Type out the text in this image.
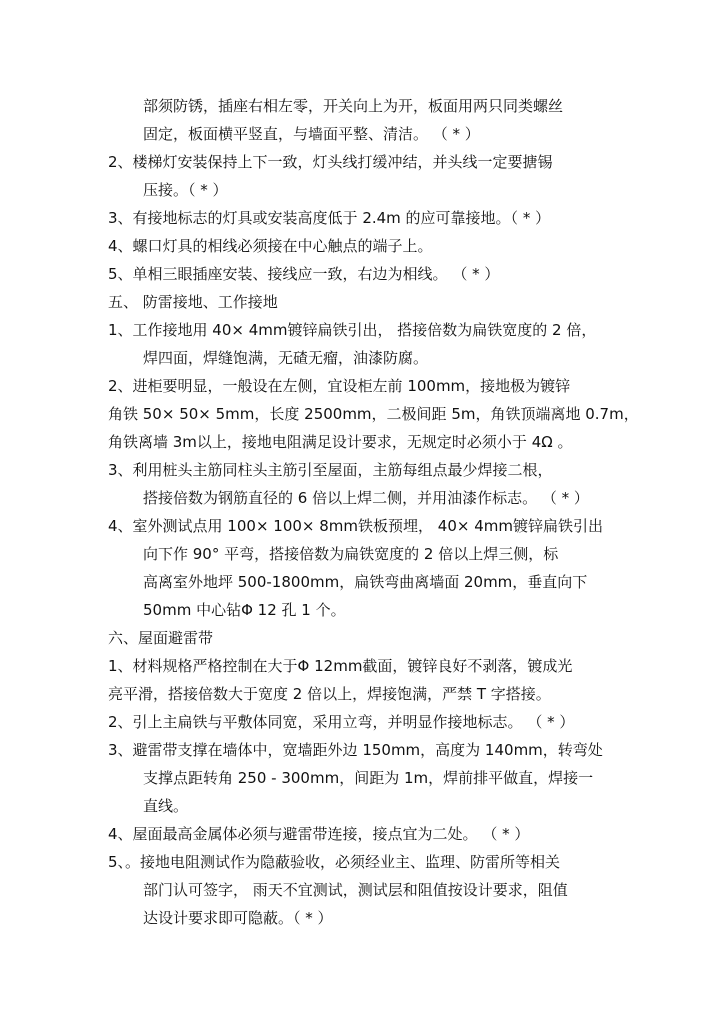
部须防锈，插座右相左零，开关向上为开，板面用两只同类螺丝
固定，板面横平竖直，与墙面平整、清洁。 （ * ）
2、楼梯灯安装保持上下一致，灯头线打缓冲结，并头线一定要搪锡
压接。（ * ）
3、有接地标志的灯具或安装高度低于 2.4m 的应可靠接地。（ * ）
4、螺口灯具的相线必须接在中心触点的端子上。
5、单相三眼插座安装、接线应一致，右边为相线。 （ * ）
五、 防雷接地、工作接地
1、工作接地用 40× 4mm镀锌扁铁引出， 搭接倍数为扁铁宽度的 2 倍，
焊四面，焊缝饱满，无碴无瘤，油漆防腐。
2、进柜要明显，一般设在左侧，宜设柜左前 100mm，接地极为镀锌
角铁 50× 50× 5mm，长度 2500mm，二极间距 5m，角铁顶端离地 0.7m，
角铁离墙 3m以上，接地电阻满足设计要求，无规定时必须小于 4Ω 。
3、利用桩头主筋同柱头主筋引至屋面，主筋每组点最少焊接二根，
搭接倍数为钢筋直径的 6 倍以上焊二侧，并用油漆作标志。 （ * ）
4、室外测试点用 100× 100× 8mm铁板预埋， 40× 4mm镀锌扁铁引出
向下作 90° 平弯，搭接倍数为扁铁宽度的 2 倍以上焊三侧，标
高离室外地坪 500-1800mm，扁铁弯曲离墙面 20mm，垂直向下
50mm 中心钻Φ 12 孔 1 个。
六、屋面避雷带
1、材料规格严格控制在大于Φ 12mm截面，镀锌良好不剥落，镀成光
亮平滑，搭接倍数大于宽度 2 倍以上，焊接饱满，严禁 T 字搭接。
2、引上主扁铁与平敷体同宽，采用立弯，并明显作接地标志。 （ * ）
3、避雷带支撑在墙体中，宽墙距外边 150mm，高度为 140mm，转弯处
支撑点距转角 250 - 300mm，间距为 1m，焊前排平做直，焊接一
直线。
4、屋面最高金属体必须与避雷带连接，接点宜为二处。 （ * ）
5、。接地电阻测试作为隐蔽验收，必须经业主、监理、防雷所等相关
部门认可签字， 雨天不宜测试，测试层和阻值按设计要求，阻值
达设计要求即可隐蔽。（ * ）
